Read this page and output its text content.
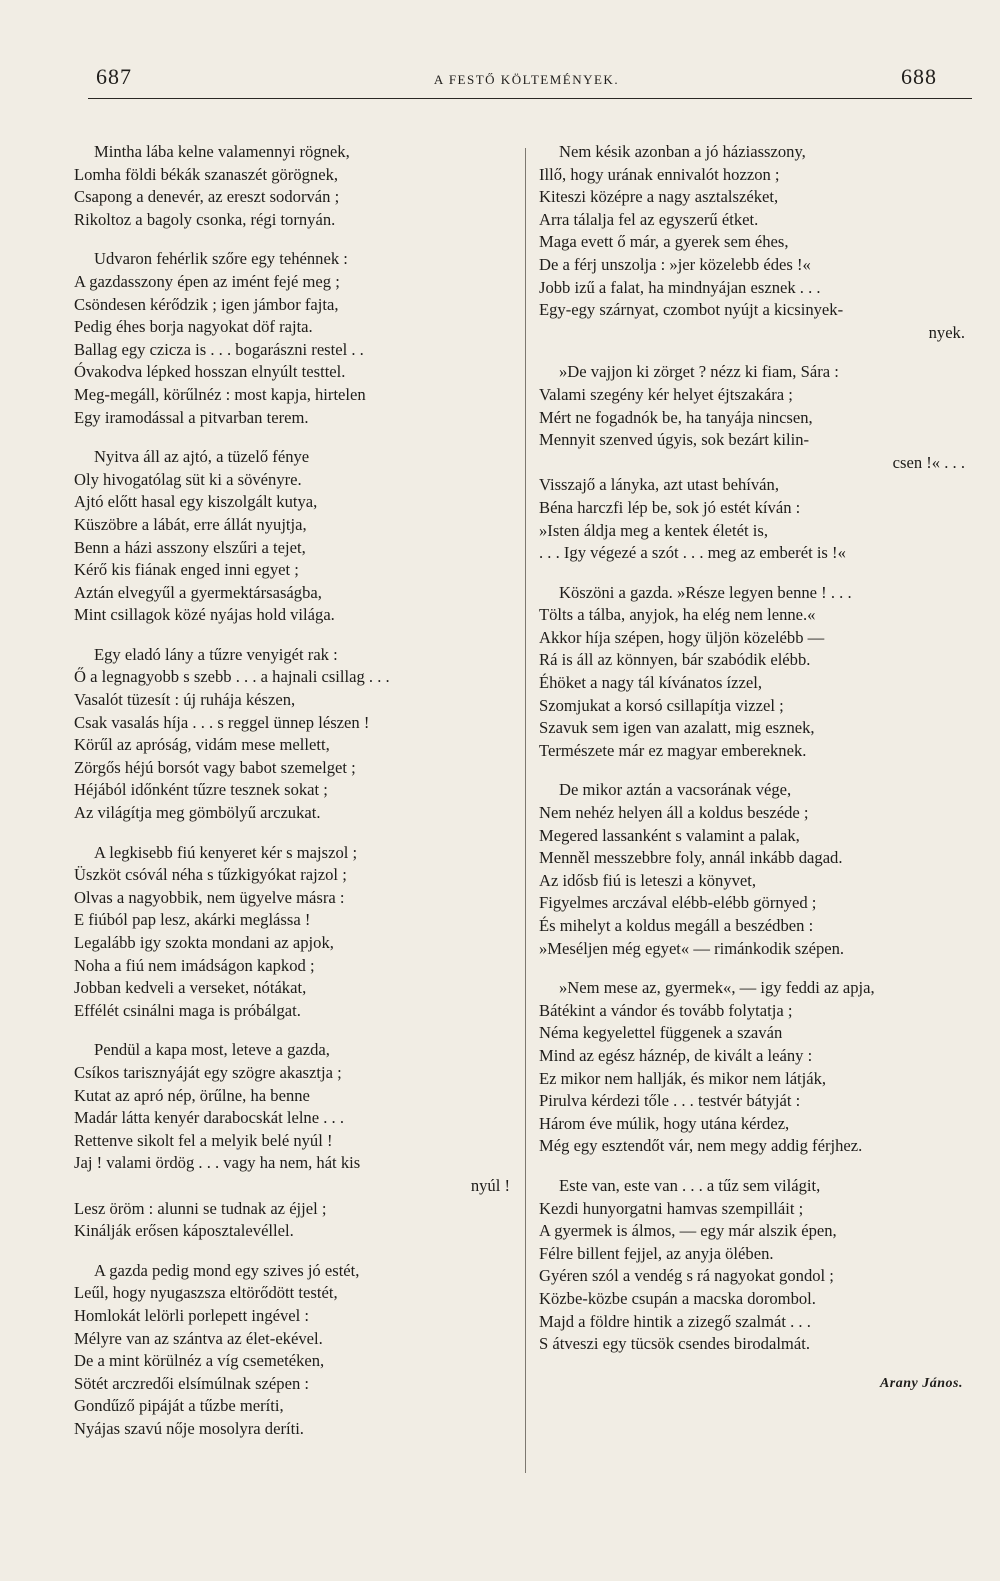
687	A FESTŐ KÖLTEMÉNYEK.	688
Mintha lába kelne valamennyi rögnek,
Lomha földi békák szanaszét görögnek,
Csapong a denevér, az ereszt sodorván ;
Rikoltoz a bagoly csonka, régi tornyán.
Udvaron fehérlik szőre egy tehénnek :
A gazdasszony épen az imént fejé meg ;
Csöndesen kérődzik ; igen jámbor fajta,
Pedig éhes borja nagyokat döf rajta.
Ballag egy czicza is . . . bogarászni restel . .
Óvakodva lépked hosszan elnyúlt testtel.
Meg-megáll, körűlnéz : most kapja, hirtelen
Egy iramodással a pitvarban terem.
Nyitva áll az ajtó, a tüzelő fénye
Oly hivogatólag süt ki a sövényre.
Ajtó előtt hasal egy kiszolgált kutya,
Küszöbre a lábát, erre állát nyujtja,
Benn a házi asszony elszűri a tejet,
Kérő kis fiának enged inni egyet ;
Aztán elvegyűl a gyermektársaságba,
Mint csillagok közé nyájas hold világa.
Egy eladó lány a tűzre venyigét rak :
Ő a legnagyobb s szebb . . . a hajnali csillag . . .
Vasalót tüzesít : új ruhája készen,
Csak vasalás híja . . . s reggel ünnep lészen !
Körűl az apróság, vidám mese mellett,
Zörgős héjú borsót vagy babot szemelget ;
Héjából időnként tűzre tesznek sokat ;
Az világítja meg gömbölyű arczukat.
A legkisebb fiú kenyeret kér s majszol ;
Üszköt csóvál néha s tűzkigyókat rajzol ;
Olvas a nagyobbik, nem ügyelve másra :
E fiúból pap lesz, akárki meglássa !
Legalább igy szokta mondani az apjok,
Noha a fiú nem imádságon kapkod ;
Jobban kedveli a verseket, nótákat,
Effélét csinálni maga is próbálgat.
Pendül a kapa most, leteve a gazda,
Csíkos tarisznyáját egy szögre akasztja ;
Kutat az apró nép, örűlne, ha benne
Madár látta kenyér darabocskát lelne . . .
Rettenve sikolt fel a melyik belé nyúl !
Jaj ! valami ördög . . . vagy ha nem, hát kis
nyúl !
Lesz öröm : alunni se tudnak az éjjel ;
Kinálják erősen káposztalevéllel.
A gazda pedig mond egy szives jó estét,
Leűl, hogy nyugaszsza eltörődött testét,
Homlokát lelörli porlepett ingével :
Mélyre van az szántva az élet-ekével.
De a mint körülnéz a víg csemetéken,
Sötét arczredői elsímúlnak szépen :
Gondűző pipáját a tűzbe meríti,
Nyájas szavú nője mosolyra deríti.
Nem késik azonban a jó háziasszony,
Illő, hogy urának ennivalót hozzon ;
Kiteszi középre a nagy asztalszéket,
Arra tálalja fel az egyszerű étket.
Maga evett ő már, a gyerek sem éhes,
De a férj unszolja : »jer közelebb édes !«
Jobb izű a falat, ha mindnyájan esznek . . .
Egy-egy szárnyat, czombot nyújt a kicsinyek-
nyek.
»De vajjon ki zörget ? nézz ki fiam, Sára :
Valami szegény kér helyet éjtszakára ;
Mért ne fogadnók be, ha tanyája nincsen,
Mennyit szenved úgyis, sok bezárt kilin-
csen !« . . .
Visszajő a lányka, azt utast behíván,
Béna harczfi lép be, sok jó estét kíván :
»Isten áldja meg a kentek életét is,
. . . Igy végezé a szót . . . meg az emberét is !«
Köszöni a gazda. »Része legyen benne ! . . .
Tölts a tálba, anyjok, ha elég nem lenne.«
Akkor híja szépen, hogy üljön közelébb —
Rá is áll az könnyen, bár szabódik elébb.
Éhöket a nagy tál kívánatos ízzel,
Szomjukat a korsó csillapítja vizzel ;
Szavuk sem igen van azalatt, mig esznek,
Természete már ez magyar embereknek.
De mikor aztán a vacsorának vége,
Nem nehéz helyen áll a koldus beszéde ;
Megered lassanként s valamint a palak,
Menněl messzebbre foly, annál inkább dagad.
Az idősb fiú is leteszi a könyvet,
Figyelmes arczával elébb-elébb görnyed ;
És mihelyt a koldus megáll a beszédben :
»Meséljen még egyet« — rimánkodik szépen.
»Nem mese az, gyermek«, — igy feddi az apja,
Bátékint a vándor és tovább folytatja ;
Néma kegyelettel függenek a szaván
Mind az egész háznép, de kivált a leány :
Ez mikor nem hallják, és mikor nem látják,
Pirulva kérdezi tőle . . . testvér bátyját :
Három éve múlik, hogy utána kérdez,
Még egy esztendőt vár, nem megy addig férjhez.
Este van, este van . . . a tűz sem világit,
Kezdi hunyorgatni hamvas szempilláit ;
A gyermek is álmos, — egy már alszik épen,
Félre billent fejjel, az anyja ölében.
Gyéren szól a vendég s rá nagyokat gondol ;
Közbe-közbe csupán a macska dorombol.
Majd a földre hintik a zizegő szalmát . . .
S átveszi egy tücsök csendes birodalmát.
Arany János.
